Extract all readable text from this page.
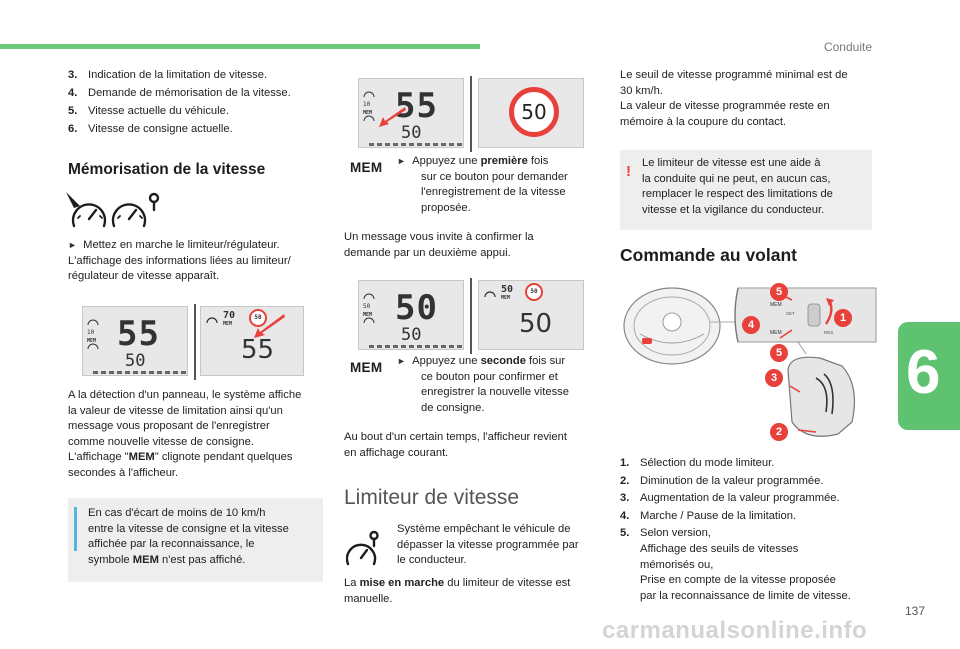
Conduite
6
137
3. Indication de la limitation de vitesse.
4. Demande de mémorisation de la vitesse.
5. Vitesse actuelle du véhicule.
6. Vitesse de consigne actuelle.
Mémorisation de la vitesse
► Mettez en marche le limiteur/régulateur.
L'affichage des informations liées au limiteur/
régulateur de vitesse apparaît.
10
MEM 55
50
70
MEM
50
55
A la détection d'un panneau, le système affiche
la valeur de vitesse de limitation ainsi qu'un
message vous proposant de l'enregistrer
comme nouvelle vitesse de consigne.
L'affichage "MEM" clignote pendant quelques
secondes à l'afficheur.
En cas d'écart de moins de 10 km/h
entre la vitesse de consigne et la vitesse
affichée par la reconnaissance, le
symbole MEM n'est pas affiché.
10
MEM 55
50
50
MEM ► Appuyez une première fois
sur ce bouton pour demander
l'enregistrement de la vitesse
proposée.
Un message vous invite à confirmer la
demande par un deuxième appui.
50
MEM 50
50
50
MEM
50
50
MEM ► Appuyez une seconde fois sur
ce bouton pour confirmer et
enregistrer la nouvelle vitesse
de consigne.
Au bout d'un certain temps, l'afficheur revient
en affichage courant.
Limiteur de vitesse
Système empêchant le véhicule de
dépasser la vitesse programmée par
le conducteur.
La mise en marche du limiteur de vitesse est
manuelle.
Le seuil de vitesse programmé minimal est de
30 km/h.
La valeur de vitesse programmée reste en
mémoire à la coupure du contact.
! Le limiteur de vitesse est une aide à
la conduite qui ne peut, en aucun cas,
remplacer le respect des limitations de
vitesse et la vigilance du conducteur.
Commande au volant
MEM
SET
MEM	RES
5
1
4
5
3
2
1. Sélection du mode limiteur.
2. Diminution de la valeur programmée.
3. Augmentation de la valeur programmée.
4. Marche / Pause de la limitation.
5. Selon version,
Affichage des seuils de vitesses
mémorisés ou,
Prise en compte de la vitesse proposée
par la reconnaissance de limite de vitesse.
carmanualsonline.info
